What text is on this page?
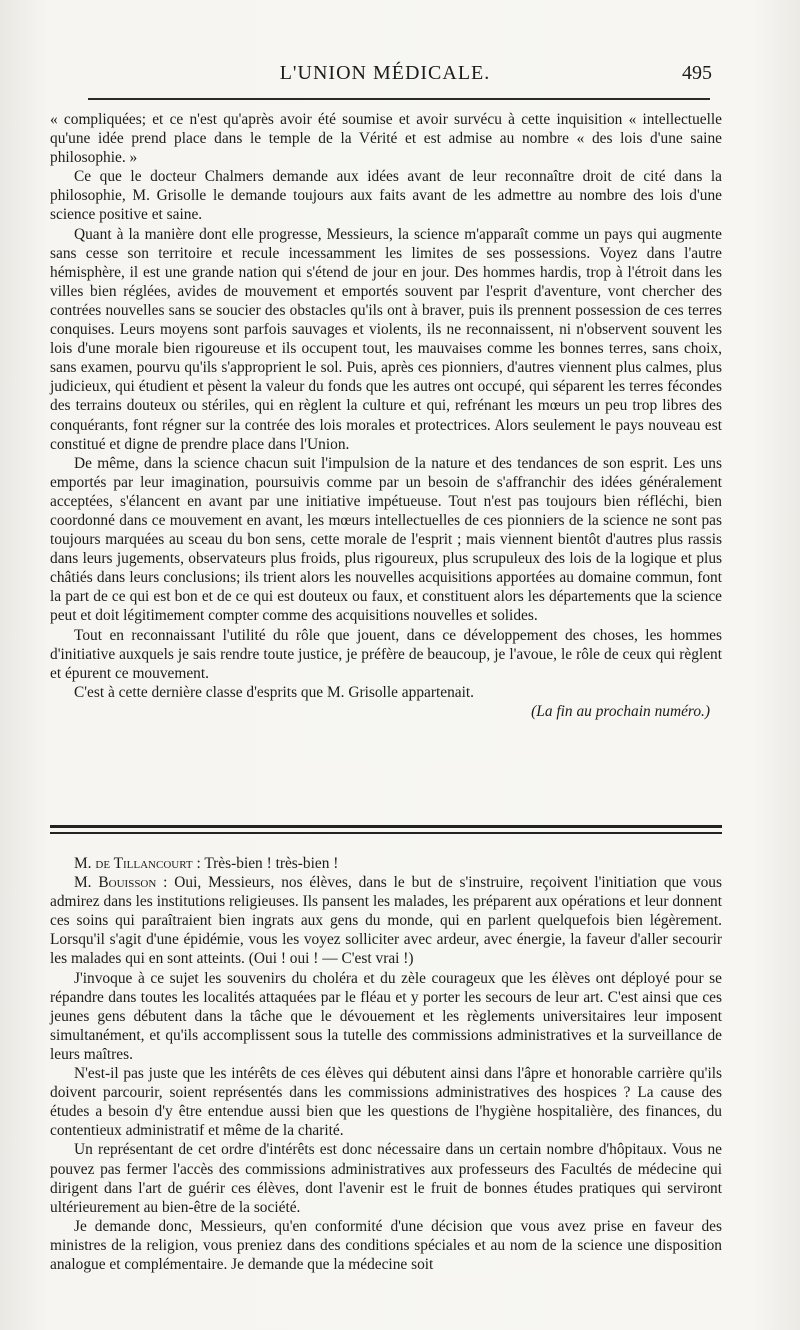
L'UNION MÉDICALE.	495

« compliquées; et ce n'est qu'après avoir été soumise et avoir survécu à cette inquisition « intellectuelle qu'une idée prend place dans le temple de la Vérité et est admise au nombre « des lois d'une saine philosophie. »

Ce que le docteur Chalmers demande aux idées avant de leur reconnaître droit de cité dans la philosophie, M. Grisolle le demande toujours aux faits avant de les admettre au nombre des lois d'une science positive et saine.

Quant à la manière dont elle progresse, Messieurs, la science m'apparaît comme un pays qui augmente sans cesse son territoire et recule incessamment les limites de ses possessions. Voyez dans l'autre hémisphère, il est une grande nation qui s'étend de jour en jour. Des hommes hardis, trop à l'étroit dans les villes bien réglées, avides de mouvement et emportés souvent par l'esprit d'aventure, vont chercher des contrées nouvelles sans se soucier des obstacles qu'ils ont à braver, puis ils prennent possession de ces terres conquises. Leurs moyens sont parfois sauvages et violents, ils ne reconnaissent, ni n'observent souvent les lois d'une morale bien rigoureuse et ils occupent tout, les mauvaises comme les bonnes terres, sans choix, sans examen, pourvu qu'ils s'approprient le sol. Puis, après ces pionniers, d'autres viennent plus calmes, plus judicieux, qui étudient et pèsent la valeur du fonds que les autres ont occupé, qui séparent les terres fécondes des terrains douteux ou stériles, qui en règlent la culture et qui, refrénant les mœurs un peu trop libres des conquérants, font régner sur la contrée des lois morales et protectrices. Alors seulement le pays nouveau est constitué et digne de prendre place dans l'Union.

De même, dans la science chacun suit l'impulsion de la nature et des tendances de son esprit. Les uns emportés par leur imagination, poursuivis comme par un besoin de s'affranchir des idées généralement acceptées, s'élancent en avant par une initiative impétueuse. Tout n'est pas toujours bien réfléchi, bien coordonné dans ce mouvement en avant, les mœurs intellectuelles de ces pionniers de la science ne sont pas toujours marquées au sceau du bon sens, cette morale de l'esprit ; mais viennent bientôt d'autres plus rassis dans leurs jugements, observateurs plus froids, plus rigoureux, plus scrupuleux des lois de la logique et plus châtiés dans leurs conclusions; ils trient alors les nouvelles acquisitions apportées au domaine commun, font la part de ce qui est bon et de ce qui est douteux ou faux, et constituent alors les départements que la science peut et doit légitimement compter comme des acquisitions nouvelles et solides.

Tout en reconnaissant l'utilité du rôle que jouent, dans ce développement des choses, les hommes d'initiative auxquels je sais rendre toute justice, je préfère de beaucoup, je l'avoue, le rôle de ceux qui règlent et épurent ce mouvement.

C'est à cette dernière classe d'esprits que M. Grisolle appartenait.

(La fin au prochain numéro.)

M. de Tillancourt : Très-bien ! très-bien !

M. Bouisson : Oui, Messieurs, nos élèves, dans le but de s'instruire, reçoivent l'initiation que vous admirez dans les institutions religieuses. Ils pansent les malades, les préparent aux opérations et leur donnent ces soins qui paraîtraient bien ingrats aux gens du monde, qui en parlent quelquefois bien légèrement. Lorsqu'il s'agit d'une épidémie, vous les voyez solliciter avec ardeur, avec énergie, la faveur d'aller secourir les malades qui en sont atteints. (Oui ! oui ! — C'est vrai !)

J'invoque à ce sujet les souvenirs du choléra et du zèle courageux que les élèves ont déployé pour se répandre dans toutes les localités attaquées par le fléau et y porter les secours de leur art. C'est ainsi que ces jeunes gens débutent dans la tâche que le dévouement et les règlements universitaires leur imposent simultanément, et qu'ils accomplissent sous la tutelle des commissions administratives et la surveillance de leurs maîtres.

N'est-il pas juste que les intérêts de ces élèves qui débutent ainsi dans l'âpre et honorable carrière qu'ils doivent parcourir, soient représentés dans les commissions administratives des hospices ? La cause des études a besoin d'y être entendue aussi bien que les questions de l'hygiène hospitalière, des finances, du contentieux administratif et même de la charité.

Un représentant de cet ordre d'intérêts est donc nécessaire dans un certain nombre d'hôpitaux. Vous ne pouvez pas fermer l'accès des commissions administratives aux professeurs des Facultés de médecine qui dirigent dans l'art de guérir ces élèves, dont l'avenir est le fruit de bonnes études pratiques qui serviront ultérieurement au bien-être de la société.

Je demande donc, Messieurs, qu'en conformité d'une décision que vous avez prise en faveur des ministres de la religion, vous preniez dans des conditions spéciales et au nom de la science une disposition analogue et complémentaire. Je demande que la médecine soit
